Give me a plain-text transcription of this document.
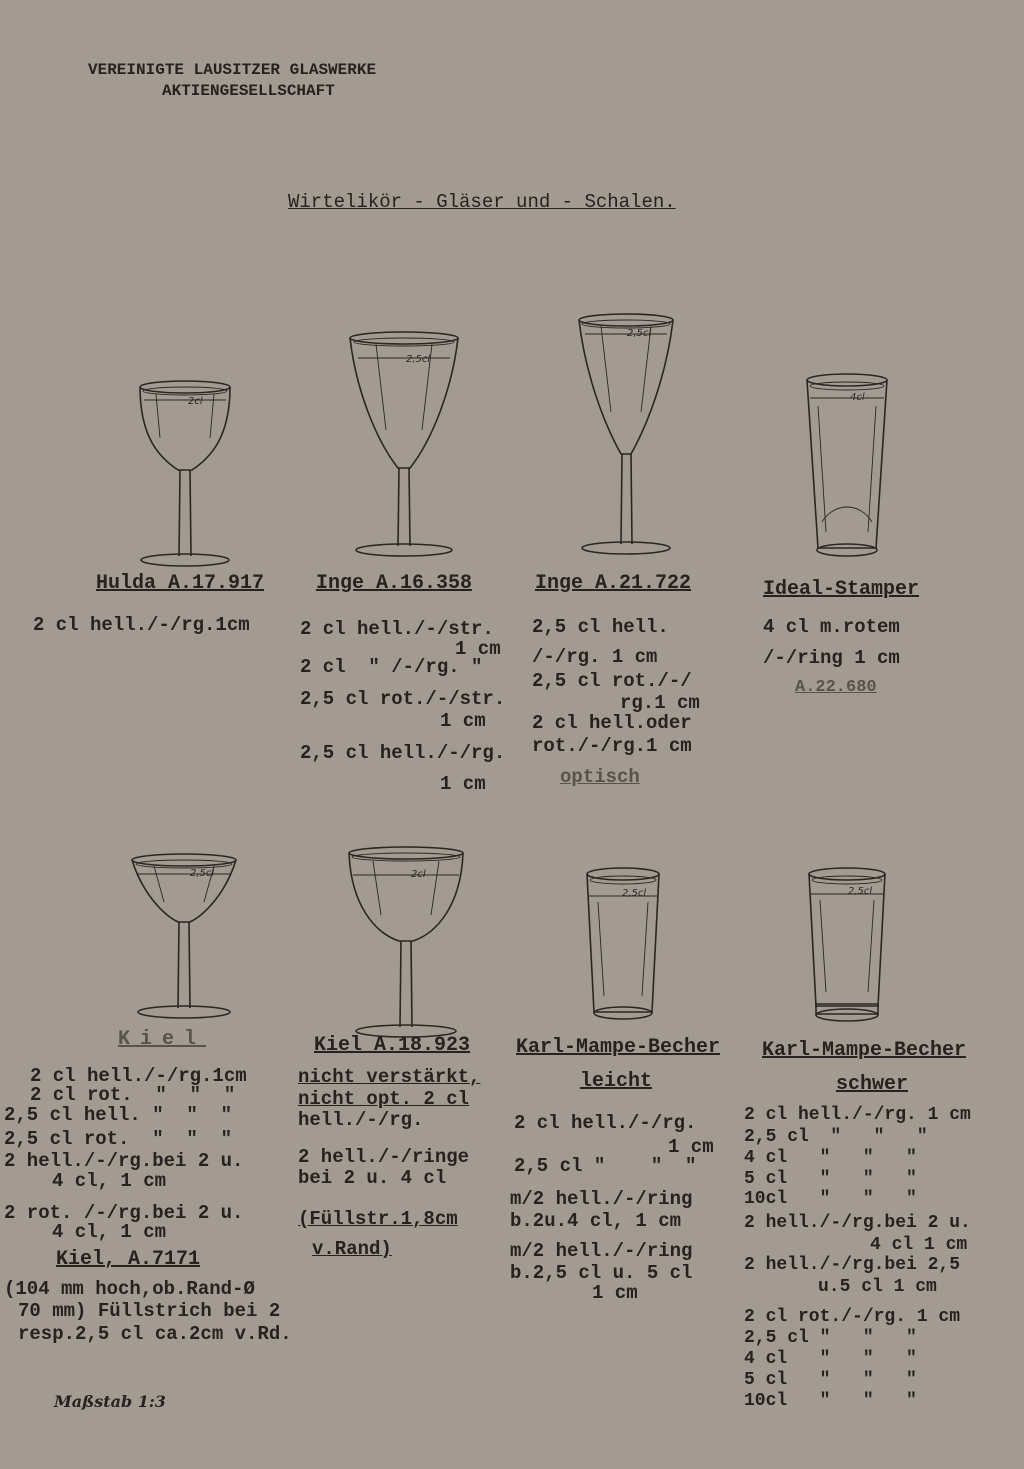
VEREINIGTE LAUSITZER GLASWERKE
AKTIENGESELLSCHAFT
Wirtelikör - Gläser und - Schalen.
2cl
2,5cl
2,5cl
4cl
Hulda A.17.917
2 cl hell./-/rg.1cm
Inge A.16.358
2 cl hell./-/str.
1 cm
2 cl  " /-/rg. "
2,5 cl rot./-/str.
1 cm
2,5 cl hell./-/rg.
1 cm
Inge A.21.722
2,5 cl hell.
/-/rg. 1 cm
2,5 cl rot./-/
rg.1 cm
2 cl hell.oder
rot./-/rg.1 cm
optisch
Ideal-Stamper
4 cl m.rotem
/-/ring 1 cm
A.22.680
2,5cl	2cl
2,5cl	2,5cl
Kiel
2 cl hell./-/rg.1cm
2 cl rot.  "  "  "
2,5 cl hell. "  "  "
2,5 cl rot.  "  "  "
2 hell./-/rg.bei 2 u.
4 cl, 1 cm
2 rot. /-/rg.bei 2 u.
4 cl, 1 cm
Kiel, A.7171
(104 mm hoch,ob.Rand-Ø
70 mm) Füllstrich bei 2
resp.2,5 cl ca.2cm v.Rd.
Kiel A.18.923
nicht verstärkt,
nicht opt. 2 cl
hell./-/rg.
2 hell./-/ringe
bei 2 u. 4 cl
(Füllstr.1,8cm
v.Rand)
Karl-Mampe-Becher
leicht
2 cl hell./-/rg.
1 cm
2,5 cl "    "  "
m/2 hell./-/ring
b.2u.4 cl, 1 cm
m/2 hell./-/ring
b.2,5 cl u. 5 cl
1 cm
Karl-Mampe-Becher
schwer
2 cl hell./-/rg. 1 cm
2,5 cl  "   "   "
4 cl   "   "   "
5 cl   "   "   "
10cl   "   "   "
2 hell./-/rg.bei 2 u.
4 cl 1 cm
2 hell./-/rg.bei 2,5
u.5 cl 1 cm
2 cl rot./-/rg. 1 cm
2,5 cl "   "   "
4 cl   "   "   "
5 cl   "   "   "
10cl   "   "   "
Maßstab 1:3
